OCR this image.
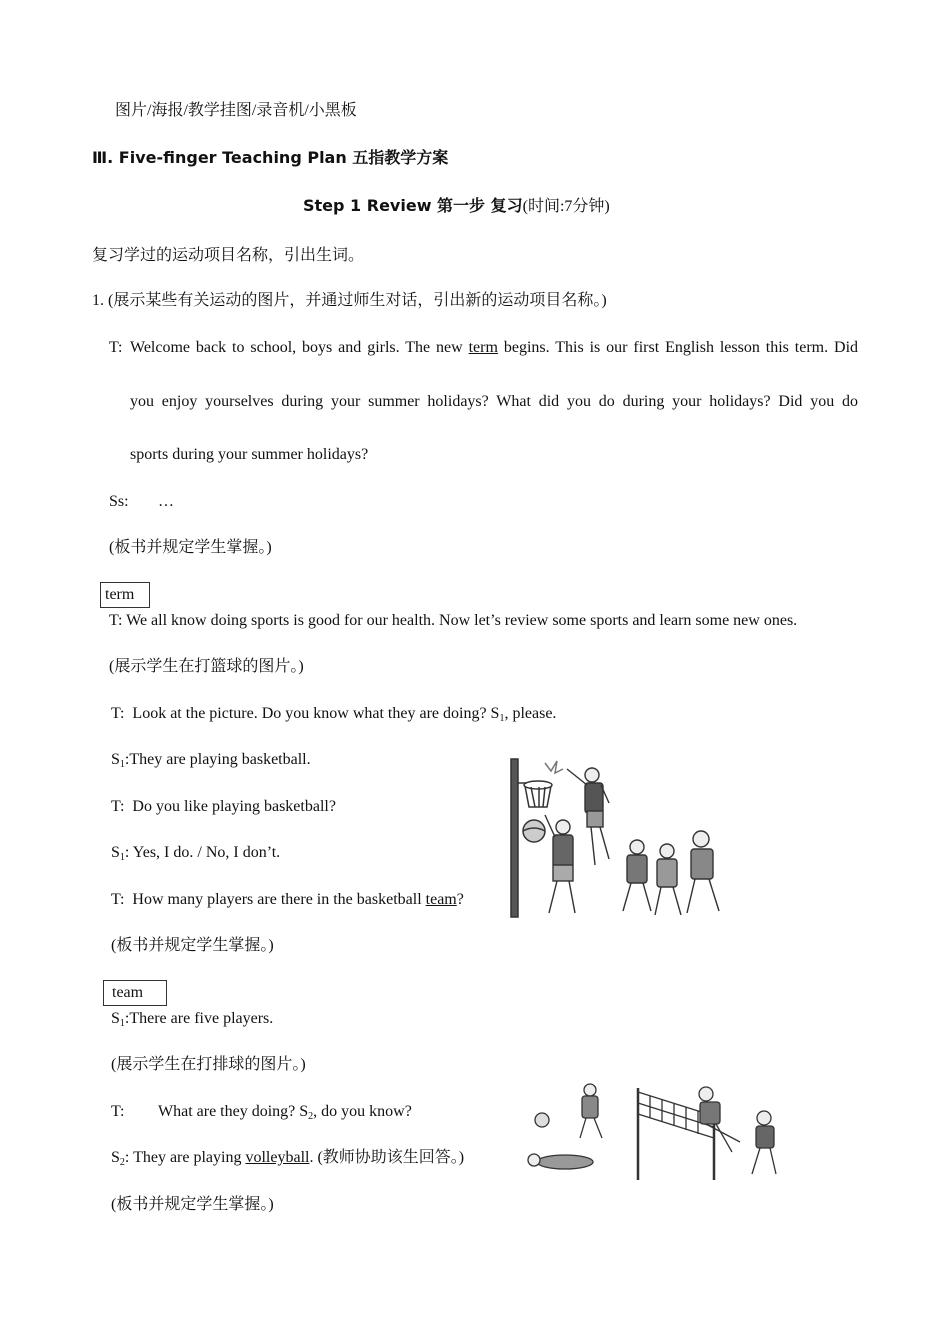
图片/海报/教学挂图/录音机/小黑板
Ⅲ. Five-finger Teaching Plan 五指教学方案
Step 1 Review 第一步 复习(时间:7分钟)
复习学过的运动项目名称，引出生词。
1. (展示某些有关运动的图片，并通过师生对话，引出新的运动项目名称。)
T: Welcome back to school, boys and girls. The new term begins. This is our first English lesson this term. Did
you enjoy yourselves during your summer holidays? What did you do during your holidays? Did you do
sports during your summer holidays?
Ss: …
(板书并规定学生掌握。)
term
T: We all know doing sports is good for our health. Now let’s review some sports and learn some new ones.
(展示学生在打篮球的图片。)
T: Look at the picture. Do you know what they are doing? $S_1$, please.
$S_1:They$ are playing basketball.
T: Do you like playing basketball?
$S_1$: Yes, I do. / No, I don’t.
T: How many players are there in the basketball team?
(板书并规定学生掌握。)
team
$S_1:There$ are five players.
(展示学生在打排球的图片。)
T: What are they doing? $S_2$, do you know?
$S_2$: They are playing volleyball. (教师协助该生回答。)
(板书并规定学生掌握。)
